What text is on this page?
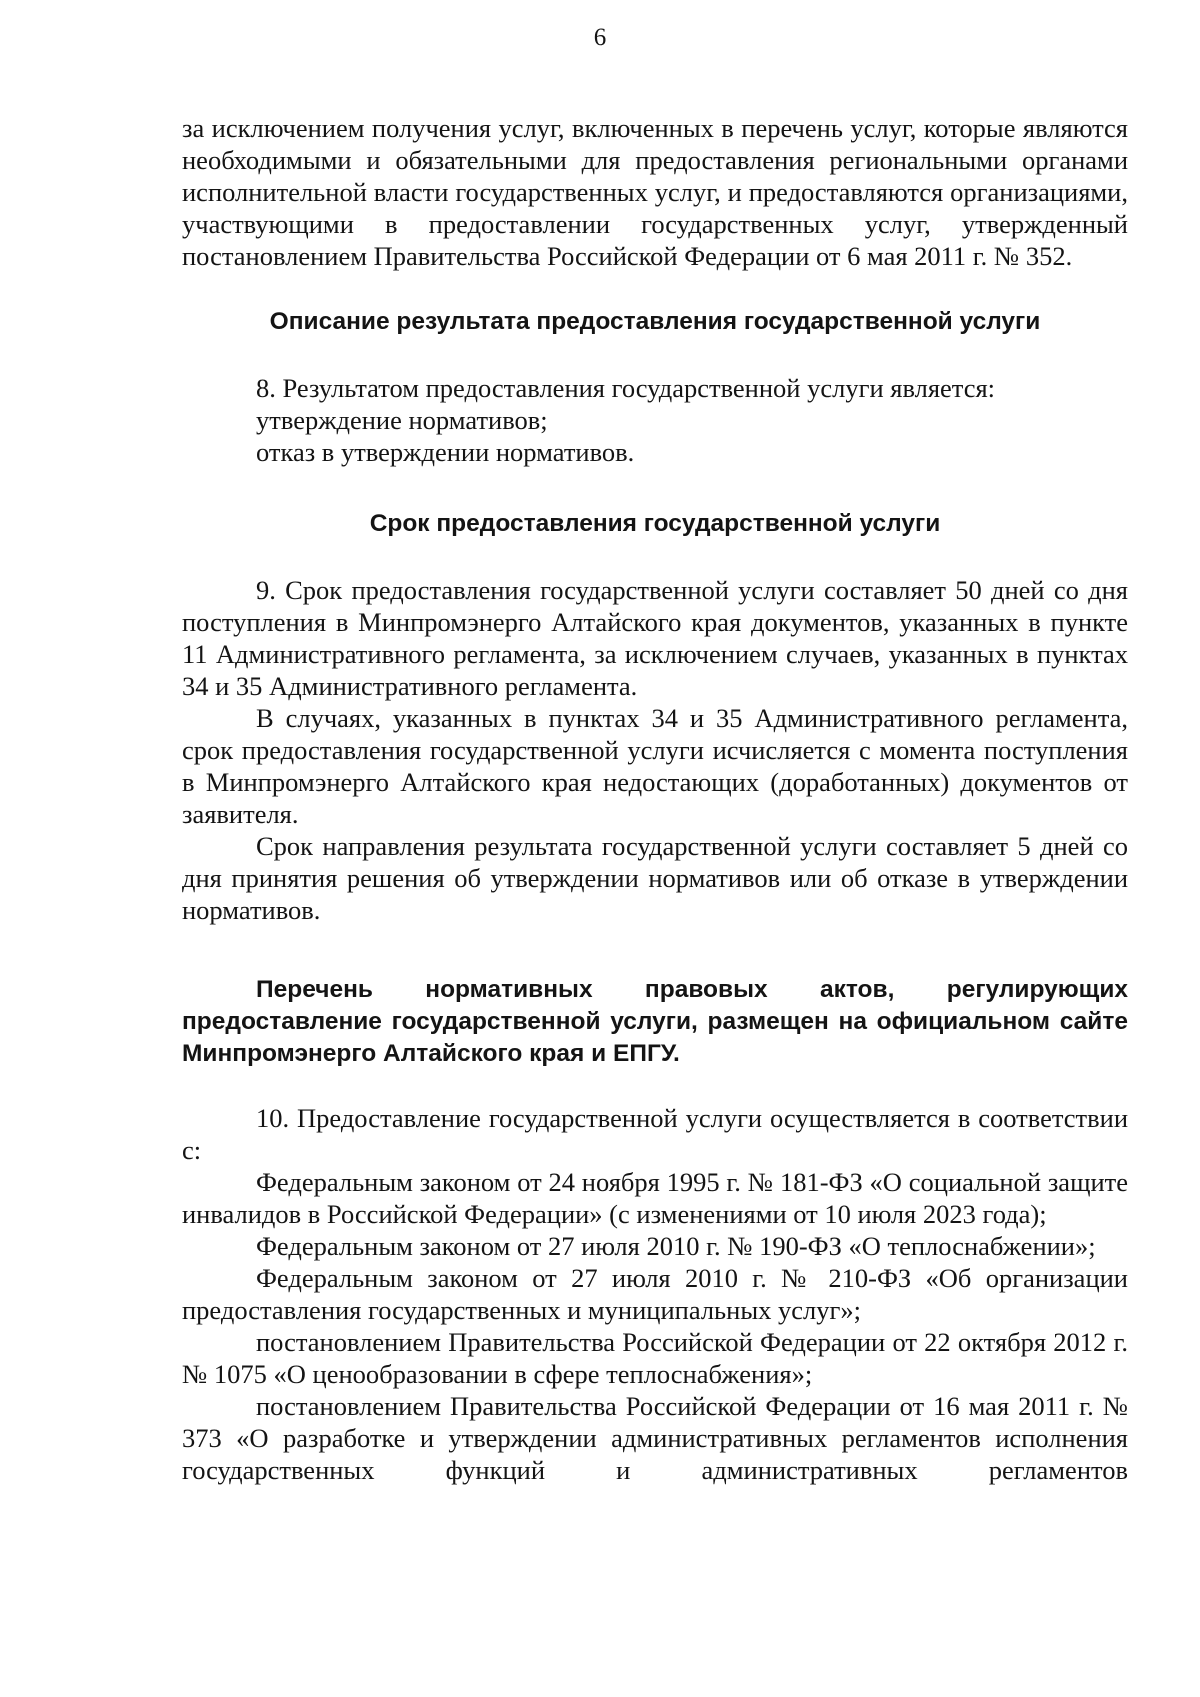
6

за исключением получения услуг, включенных в перечень услуг, которые являются необходимыми и обязательными для предоставления региональными органами исполнительной власти государственных услуг, и предоставляются организациями, участвующими в предоставлении государственных услуг, утвержденный постановлением Правительства Российской Федерации от 6 мая 2011 г. № 352.

Описание результата предоставления государственной услуги

8. Результатом предоставления государственной услуги является:

утверждение нормативов;

отказ в утверждении нормативов.

Срок предоставления государственной услуги

9. Срок предоставления государственной услуги составляет 50 дней со дня поступления в Минпромэнерго Алтайского края документов, указанных в пункте 11 Административного регламента, за исключением случаев, указанных в пунктах 34 и 35 Административного регламента.

В случаях, указанных в пунктах 34 и 35 Административного регламента, срок предоставления государственной услуги исчисляется с момента поступления в Минпромэнерго Алтайского края недостающих (доработанных) документов от заявителя.

Срок направления результата государственной услуги составляет 5 дней со дня принятия решения об утверждении нормативов или об отказе в утверждении нормативов.

Перечень нормативных правовых актов, регулирующих предоставление государственной услуги, размещен на официальном сайте Минпромэнерго Алтайского края и ЕПГУ.

10. Предоставление государственной услуги осуществляется в соответствии с:

Федеральным законом от 24 ноября 1995 г. № 181-ФЗ «О социальной защите инвалидов в Российской Федерации» (с изменениями от 10 июля 2023 года);

Федеральным законом от 27 июля 2010 г. № 190-ФЗ «О теплоснабжении»;

Федеральным законом от 27 июля 2010 г. № 210-ФЗ «Об организации предоставления государственных и муниципальных услуг»;

постановлением Правительства Российской Федерации от 22 октября 2012 г. № 1075 «О ценообразовании в сфере теплоснабжения»;

постановлением Правительства Российской Федерации от 16 мая 2011 г. № 373 «О разработке и утверждении административных регламентов исполнения государственных функций и административных регламентов
